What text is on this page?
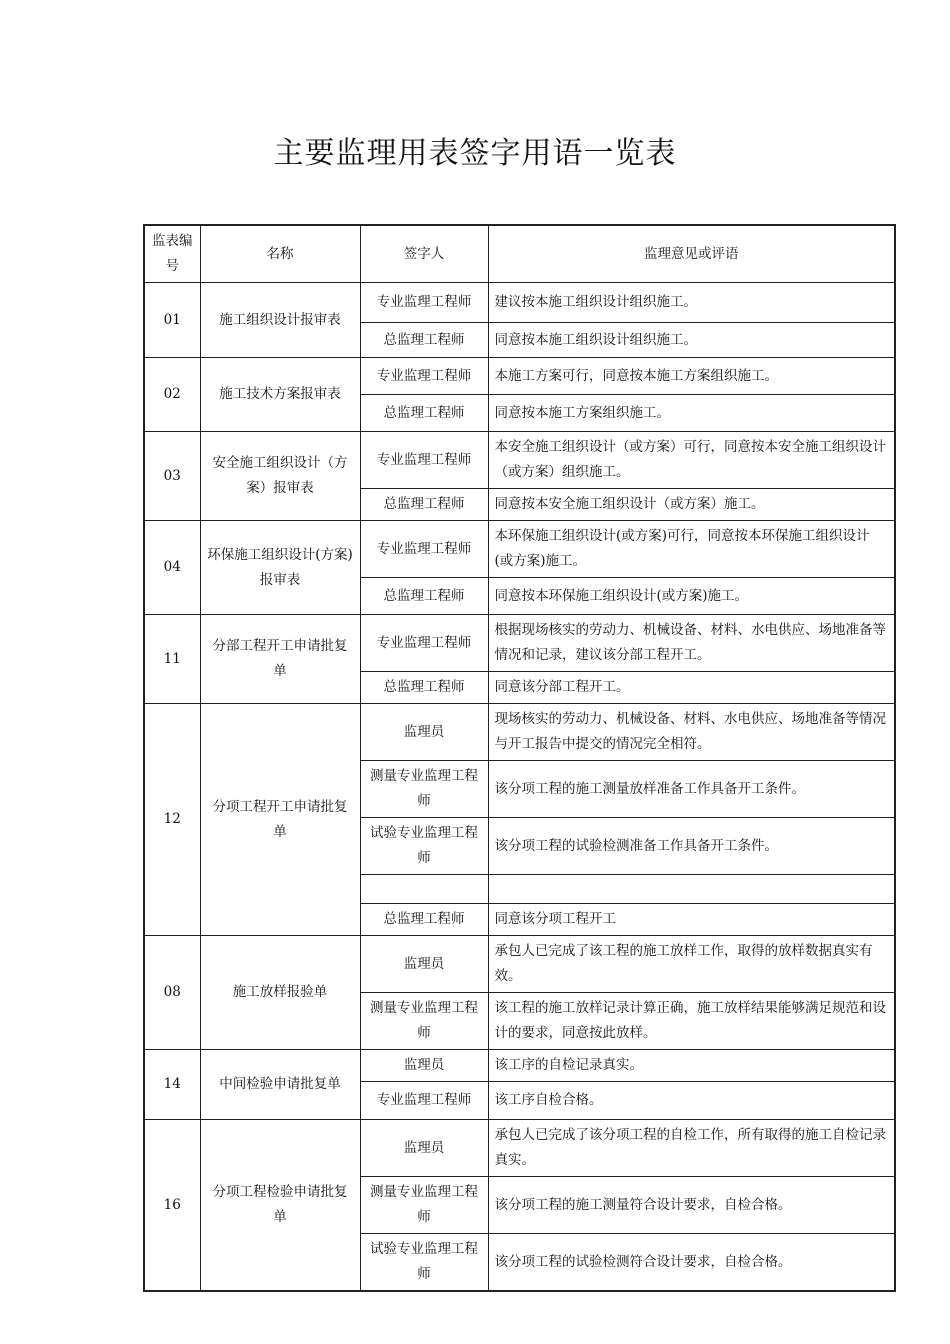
主要监理用表签字用语一览表
监表编号	名称	签字人	监理意见或评语
01	施工组织设计报审表	专业监理工程师	建议按本施工组织设计组织施工。
		总监理工程师	同意按本施工组织设计组织施工。
02	施工技术方案报审表	专业监理工程师	本施工方案可行，同意按本施工方案组织施工。
		总监理工程师	同意按本施工方案组织施工。
03	安全施工组织设计（方案）报审表	专业监理工程师	本安全施工组织设计（或方案）可行，同意按本安全施工组织设计（或方案）组织施工。
		总监理工程师	同意按本安全施工组织设计（或方案）施工。
04	环保施工组织设计(方案)报审表	专业监理工程师	本环保施工组织设计(或方案)可行，同意按本环保施工组织设计(或方案)施工。
		总监理工程师	同意按本环保施工组织设计(或方案)施工。
11	分部工程开工申请批复单	专业监理工程师	根据现场核实的劳动力、机械设备、材料、水电供应、场地准备等情况和记录，建议该分部工程开工。
		总监理工程师	同意该分部工程开工。
12	分项工程开工申请批复单	监理员	现场核实的劳动力、机械设备、材料、水电供应、场地准备等情况与开工报告中提交的情况完全相符。
		测量专业监理工程师	该分项工程的施工测量放样准备工作具备开工条件。
		试验专业监理工程师	该分项工程的试验检测准备工作具备开工条件。

		总监理工程师	同意该分项工程开工
08	施工放样报验单	监理员	承包人已完成了该工程的施工放样工作，取得的放样数据真实有效。
		测量专业监理工程师	该工程的施工放样记录计算正确，施工放样结果能够满足规范和设计的要求，同意按此放样。
14	中间检验申请批复单	监理员	该工序的自检记录真实。
		专业监理工程师	该工序自检合格。
16	分项工程检验申请批复单	监理员	承包人已完成了该分项工程的自检工作，所有取得的施工自检记录真实。
		测量专业监理工程师	该分项工程的施工测量符合设计要求，自检合格。
		试验专业监理工程师	该分项工程的试验检测符合设计要求，自检合格。
